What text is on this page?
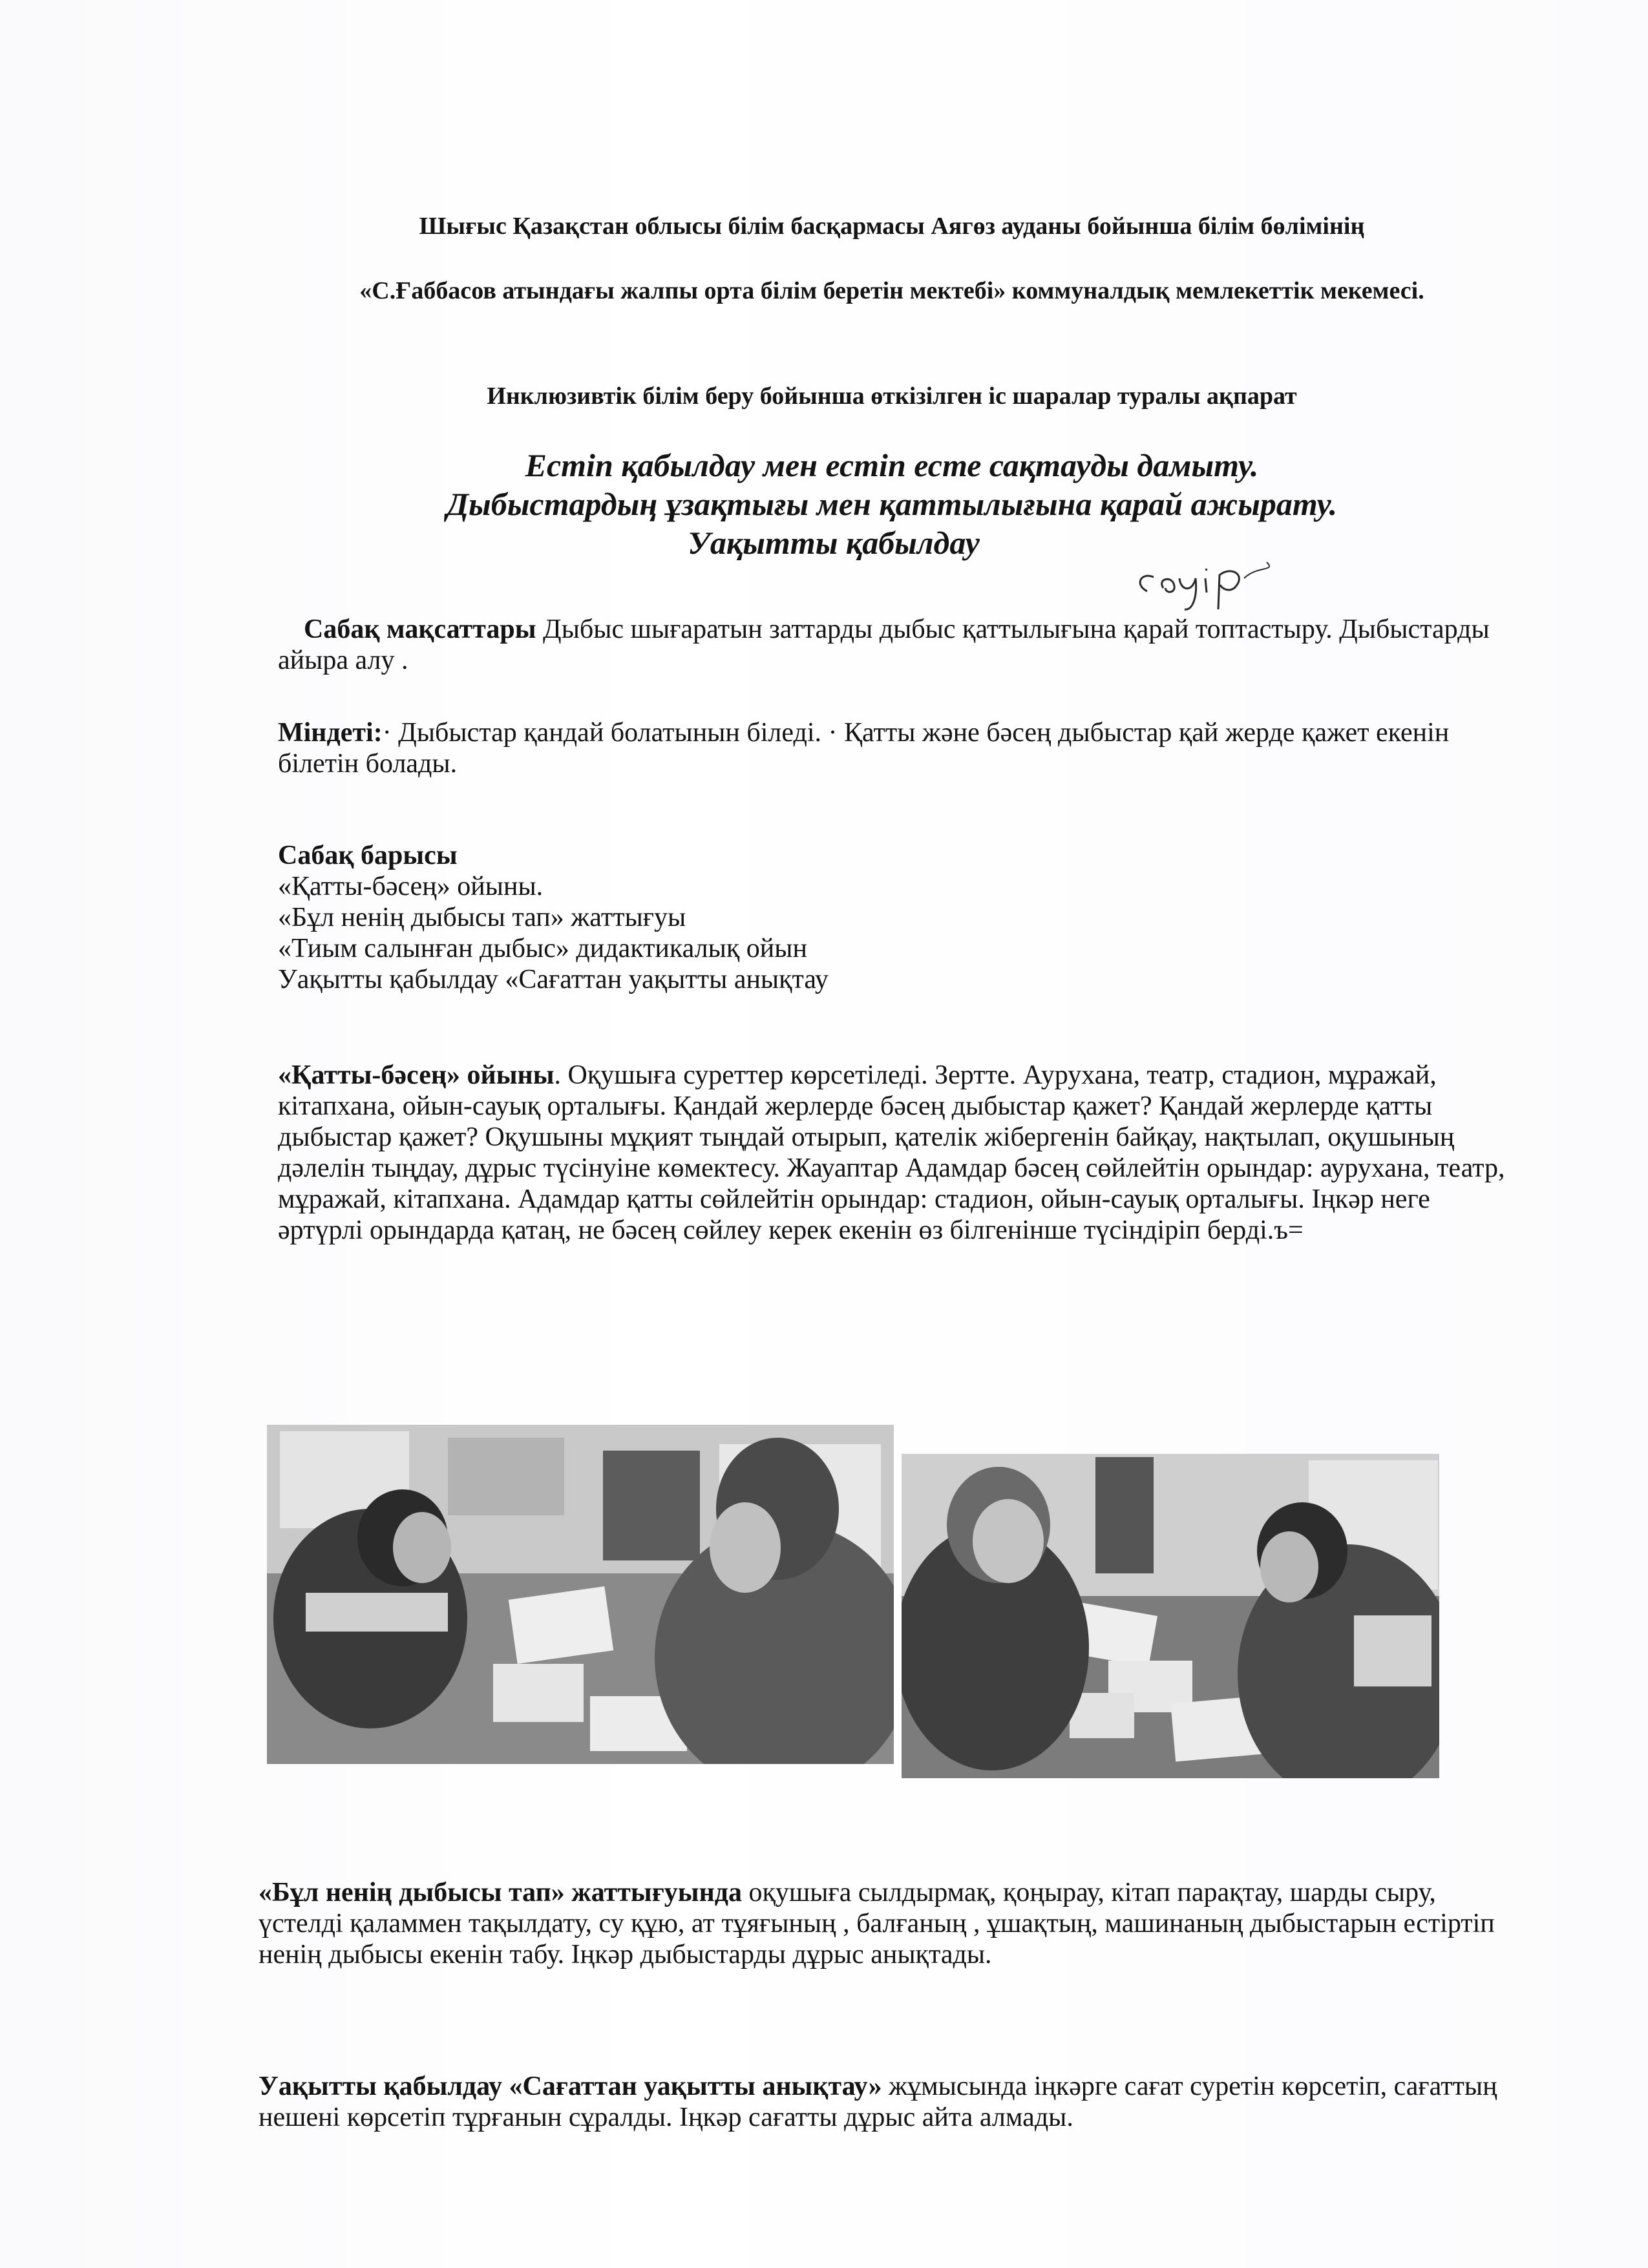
Шығыс Қазақстан облысы білім басқармасы Аягөз ауданы бойынша білім бөлімінің
«С.Ғаббасов атындағы жалпы орта білім беретін мектебі» коммуналдық мемлекеттік мекемесі.
Инклюзивтік білім беру бойынша өткізілген іс шаралар туралы ақпарат
Естіп қабылдау мен естіп есте сақтауды дамыту.
Дыбыстардың ұзақтығы мен қаттылығына қарай ажырату.
Уақытты қабылдау
Сабақ мақсаттары Дыбыс шығаратын заттарды дыбыс қаттылығына қарай топтастыру. Дыбыстарды айыра алу .
Міндеті:· Дыбыстар қандай болатынын біледі. · Қатты және бәсең дыбыстар қай жерде қажет екенін білетін болады.
Сабақ барысы
«Қатты-бәсең» ойыны.
«Бұл ненің дыбысы тап» жаттығуы
«Тиым салынған дыбыс» дидактикалық ойын
Уақытты қабылдау «Сағаттан уақытты анықтау
«Қатты-бәсең» ойыны. Оқушыға суреттер көрсетіледі. Зертте. Аурухана, театр, стадион, мұражай, кітапхана, ойын-сауық орталығы. Қандай жерлерде бәсең дыбыстар қажет? Қандай жерлерде қатты дыбыстар қажет? Оқушыны мұқият тыңдай отырып, қателік жібергенін байқау, нақтылап, оқушының дәлелін тыңдау, дұрыс түсінуіне көмектесу. Жауаптар Адамдар бәсең сөйлейтін орындар: аурухана, театр, мұражай, кітапхана. Адамдар қатты сөйлейтін орындар: стадион, ойын-сауық орталығы. Іңкәр неге әртүрлі орындарда қатаң, не бәсең сөйлеу керек екенін өз білгенінше түсіндіріп берді.ъ=
«Бұл ненің дыбысы тап» жаттығуында оқушыға сылдырмақ, қоңырау, кітап парақтау, шарды сыру, үстелді қаламмен тақылдату, су құю, ат тұяғының , балғаның , ұшақтың, машинаның дыбыстарын естіртіп ненің дыбысы екенін табу. Іңкәр дыбыстарды дұрыс анықтады.
Уақытты қабылдау «Сағаттан уақытты анықтау» жұмысында іңкәрге сағат суретін көрсетіп, сағаттың нешені көрсетіп тұрғанын сұралды. Іңкәр сағатты дұрыс айта алмады.
